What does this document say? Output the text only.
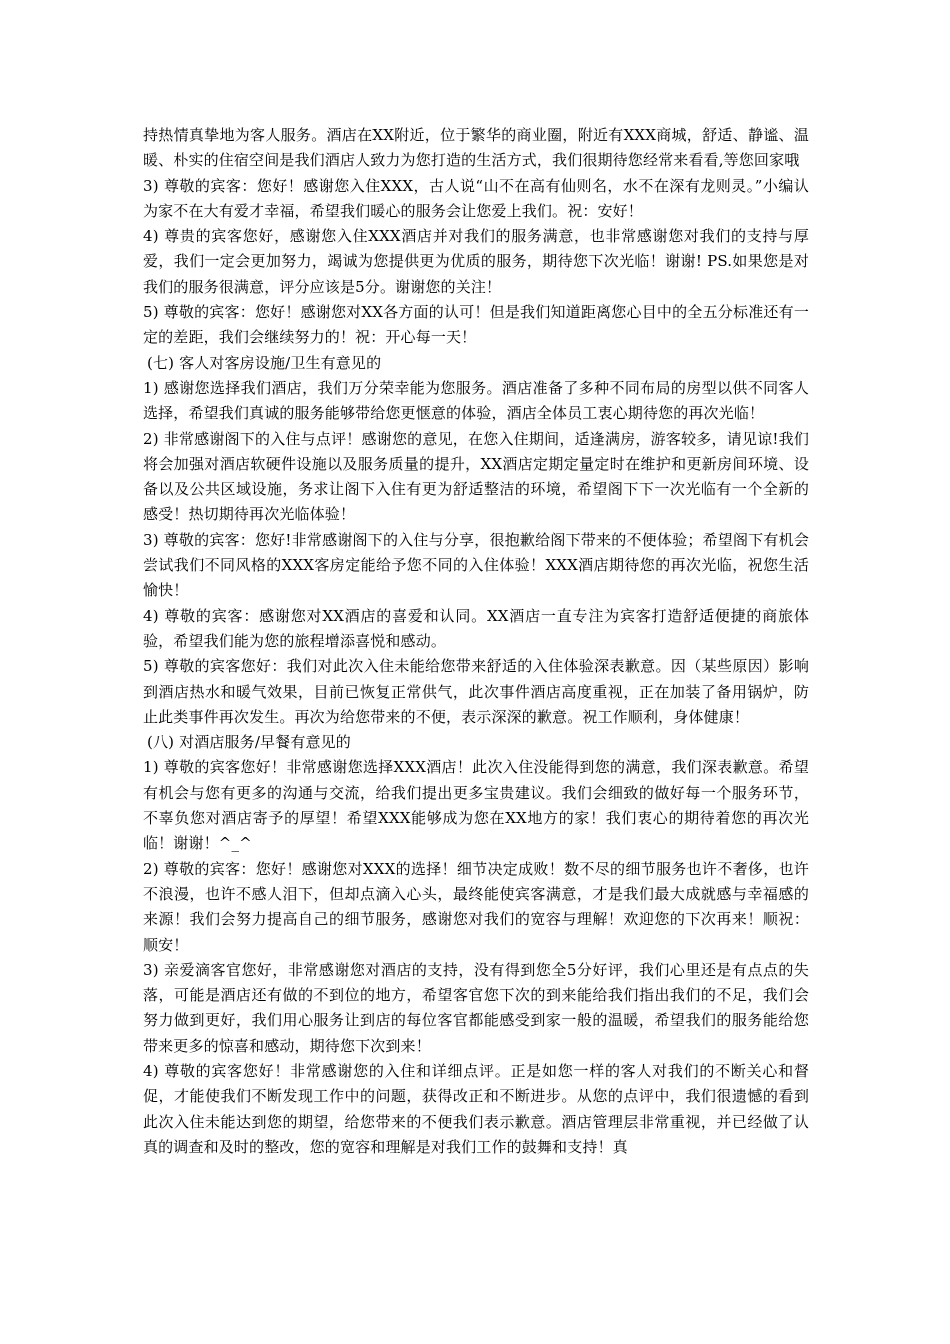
持热情真挚地为客人服务。酒店在XX附近，位于繁华的商业圈，附近有XXX商城，舒适、静谧、温暖、朴实的住宿空间是我们酒店人致力为您打造的生活方式，我们很期待您经常来看看,等您回家哦

3) 尊敬的宾客：您好！感谢您入住XXX，古人说“山不在高有仙则名，水不在深有龙则灵。”小编认为家不在大有爱才幸福，希望我们暖心的服务会让您爱上我们。祝：安好！

4) 尊贵的宾客您好，感谢您入住XXX酒店并对我们的服务满意，也非常感谢您对我们的支持与厚爱，我们一定会更加努力，竭诚为您提供更为优质的服务，期待您下次光临！谢谢! PS.如果您是对我们的服务很满意，评分应该是5分。谢谢您的关注！

5) 尊敬的宾客：您好！感谢您对XX各方面的认可！但是我们知道距离您心目中的全五分标准还有一定的差距，我们会继续努力的！祝：开心每一天！

(七) 客人对客房设施/卫生有意见的

1) 感谢您选择我们酒店，我们万分荣幸能为您服务。酒店准备了多种不同布局的房型以供不同客人选择，希望我们真诚的服务能够带给您更惬意的体验，酒店全体员工衷心期待您的再次光临！

2) 非常感谢阁下的入住与点评！感谢您的意见，在您入住期间，适逢满房，游客较多，请见谅!我们将会加强对酒店软硬件设施以及服务质量的提升，XX酒店定期定量定时在维护和更新房间环境、设备以及公共区域设施，务求让阁下入住有更为舒适整洁的环境，希望阁下下一次光临有一个全新的感受！热切期待再次光临体验！

3) 尊敬的宾客：您好!非常感谢阁下的入住与分享，很抱歉给阁下带来的不便体验；希望阁下有机会尝试我们不同风格的XXX客房定能给予您不同的入住体验！XXX酒店期待您的再次光临，祝您生活愉快！

4) 尊敬的宾客：感谢您对XX酒店的喜爱和认同。XX酒店一直专注为宾客打造舒适便捷的商旅体验，希望我们能为您的旅程增添喜悦和感动。

5) 尊敬的宾客您好：我们对此次入住未能给您带来舒适的入住体验深表歉意。因（某些原因）影响到酒店热水和暖气效果，目前已恢复正常供气，此次事件酒店高度重视，正在加装了备用锅炉，防止此类事件再次发生。再次为给您带来的不便，表示深深的歉意。祝工作顺利，身体健康！

(八) 对酒店服务/早餐有意见的

1) 尊敬的宾客您好！非常感谢您选择XXX酒店！此次入住没能得到您的满意，我们深表歉意。希望有机会与您有更多的沟通与交流，给我们提出更多宝贵建议。我们会细致的做好每一个服务环节，不辜负您对酒店寄予的厚望！希望XXX能够成为您在XX地方的家！我们衷心的期待着您的再次光临！谢谢！^_^

2) 尊敬的宾客：您好！感谢您对XXX的选择！细节决定成败！数不尽的细节服务也许不奢侈，也许不浪漫，也许不感人泪下，但却点滴入心头，最终能使宾客满意，才是我们最大成就感与幸福感的来源！我们会努力提高自己的细节服务，感谢您对我们的宽容与理解！欢迎您的下次再来！顺祝：顺安！

3) 亲爱滴客官您好，非常感谢您对酒店的支持，没有得到您全5分好评，我们心里还是有点点的失落，可能是酒店还有做的不到位的地方，希望客官您下次的到来能给我们指出我们的不足，我们会努力做到更好，我们用心服务让到店的每位客官都能感受到家一般的温暖，希望我们的服务能给您带来更多的惊喜和感动，期待您下次到来！

4) 尊敬的宾客您好！非常感谢您的入住和详细点评。正是如您一样的客人对我们的不断关心和督促，才能使我们不断发现工作中的问题，获得改正和不断进步。从您的点评中，我们很遗憾的看到此次入住未能达到您的期望，给您带来的不便我们表示歉意。酒店管理层非常重视，并已经做了认真的调查和及时的整改，您的宽容和理解是对我们工作的鼓舞和支持！真
